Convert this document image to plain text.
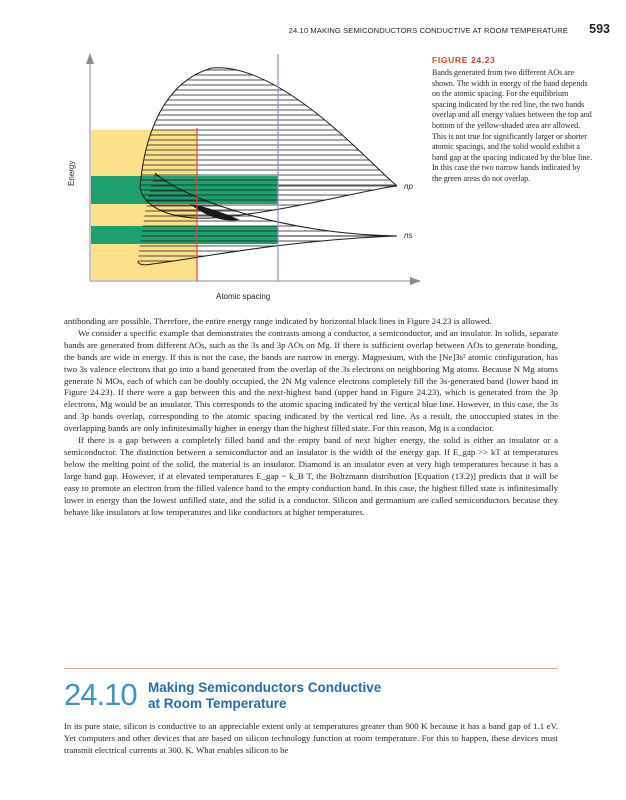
24.10 MAKING SEMICONDUCTORS CONDUCTIVE AT ROOM TEMPERATURE 593
np
ns
Energy
Atomic spacing
FIGURE 24.23
Bands generated from two different AOs are shown. The width in energy of the band depends on the atomic spacing. For the equilibrium spacing indicated by the red line, the two bands overlap and all energy values between the top and bottom of the yellow-shaded area are allowed. This is not true for significantly larger or shorter atomic spacings, and the solid would exhibit a band gap at the spacing indicated by the blue line. In this case the two narrow bands indicated by the green areas do not overlap.

antibonding are possible. Therefore, the entire energy range indicated by horizontal black lines in Figure 24.23 is allowed.

We consider a specific example that demonstrates the contrasts among a conductor, a semiconductor, and an insulator. In solids, separate bands are generated from different AOs, such as the 3s and 3p AOs on Mg. If there is sufficient overlap between AOs to generate bonding, the bands are wide in energy. If this is not the case, the bands are narrow in energy. Magnesium, with the [Ne]3s² atomic configuration, has two 3s valence electrons that go into a band generated from the overlap of the 3s electrons on neighboring Mg atoms. Because N Mg atoms generate N MOs, each of which can be doubly occupied, the 2N Mg valence electrons completely fill the 3s-generated band (lower band in Figure 24.23). If there were a gap between this and the next-highest band (upper band in Figure 24.23), which is generated from the 3p electrons, Mg would be an insulator. This corresponds to the atomic spacing indicated by the vertical blue line. However, in this case, the 3s and 3p bands overlap, corresponding to the atomic spacing indicated by the vertical red line. As a result, the unoccupied states in the overlapping bands are only infinitesimally higher in energy than the highest filled state. For this reason, Mg is a conductor.

If there is a gap between a completely filled band and the empty band of next higher energy, the solid is either an insulator or a semiconductor. The distinction between a semiconductor and an insulator is the width of the energy gap. If E_gap >> kT at temperatures below the melting point of the solid, the material is an insulator. Diamond is an insulator even at very high temperatures because it has a large band gap. However, if at elevated temperatures E_gap ~ k_B T, the Boltzmann distribution [Equation (13.2)] predicts that it will be easy to promote an electron from the filled valence band to the empty conduction band. In this case, the highest filled state is infinitesimally lower in energy than the lowest unfilled state, and the solid is a conductor. Silicon and germanium are called semiconductors because they behave like insulators at low temperatures and like conductors at higher temperatures.

24.10 Making Semiconductors Conductive
at Room Temperature

In its pure state, silicon is conductive to an appreciable extent only at temperatures greater than 900 K because it has a band gap of 1.1 eV. Yet computers and other devices that are based on silicon technology function at room temperature. For this to happen, these devices must transmit electrical currents at 300. K. What enables silicon to be
